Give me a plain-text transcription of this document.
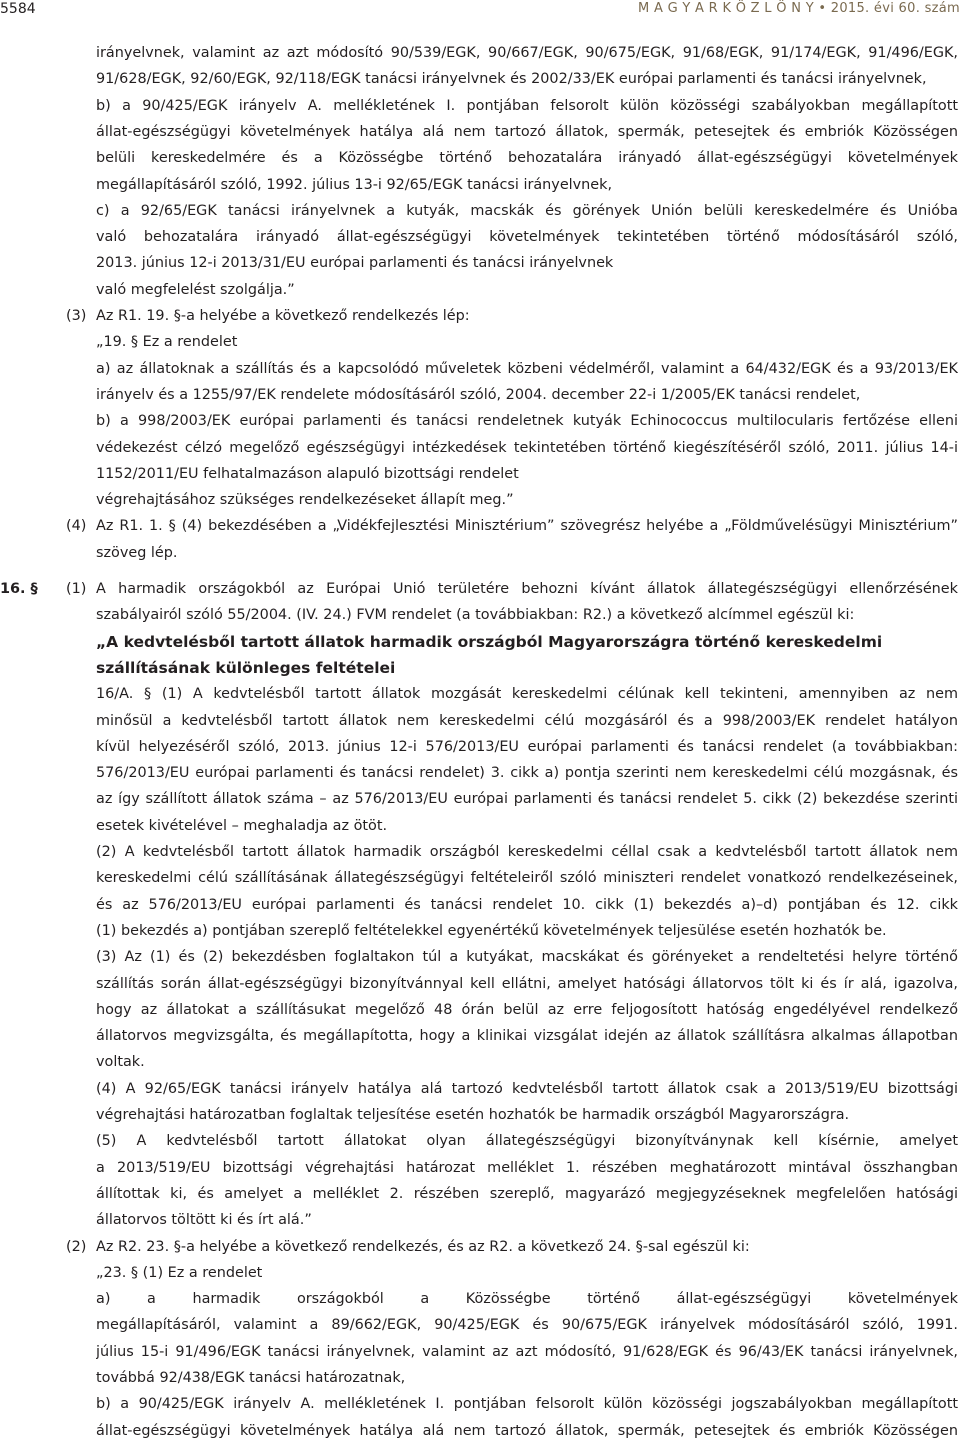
5584	M A G Y A R K Ö Z L Ö N Y • 2015. évi 60. szám
irányelvnek, valamint az azt módosító 90/539/EGK, 90/667/EGK, 90/675/EGK, 91/68/EGK, 91/174/EGK, 91/496/EGK,
91/628/EGK, 92/60/EGK, 92/118/EGK tanácsi irányelvnek és 2002/33/EK európai parlamenti és tanácsi irányelvnek,
b) a 90/425/EGK irányelv A. mellékletének I. pontjában felsorolt külön közösségi szabályokban megállapított
állat-egészségügyi követelmények hatálya alá nem tartozó állatok, spermák, petesejtek és embriók Közösségen
belüli kereskedelmére és a Közösségbe történő behozatalára irányadó állat-egészségügyi követelmények
megállapításáról szóló, 1992. július 13-i 92/65/EGK tanácsi irányelvnek,
c) a 92/65/EGK tanácsi irányelvnek a kutyák, macskák és görények Unión belüli kereskedelmére és Unióba
való behozatalára irányadó állat-egészségügyi követelmények tekintetében történő módosításáról szóló,
2013. június 12-i 2013/31/EU európai parlamenti és tanácsi irányelvnek
való megfelelést szolgálja.”
(3) Az R1. 19. §-a helyébe a következő rendelkezés lép:
„19. § Ez a rendelet
a) az állatoknak a szállítás és a kapcsolódó műveletek közbeni védelméről, valamint a 64/432/EGK és a 93/2013/EK
irányelv és a 1255/97/EK rendelete módosításáról szóló, 2004. december 22-i 1/2005/EK tanácsi rendelet,
b) a 998/2003/EK európai parlamenti és tanácsi rendeletnek kutyák Echinococcus multilocularis fertőzése elleni
védekezést célzó megelőző egészségügyi intézkedések tekintetében történő kiegészítéséről szóló, 2011. július 14-i
1152/2011/EU felhatalmazáson alapuló bizottsági rendelet
végrehajtásához szükséges rendelkezéseket állapít meg.”
(4) Az R1. 1. § (4) bekezdésében a „Vidékfejlesztési Minisztérium” szövegrész helyébe a „Földművelésügyi Minisztérium”
szöveg lép.
16. § (1) A harmadik országokból az Európai Unió területére behozni kívánt állatok állategészségügyi ellenőrzésének
szabályairól szóló 55/2004. (IV. 24.) FVM rendelet (a továbbiakban: R2.) a következő alcímmel egészül ki:
„A kedvtelésből tartott állatok harmadik országból Magyarországra történő kereskedelmi
szállításának különleges feltételei
16/A. § (1) A kedvtelésből tartott állatok mozgását kereskedelmi célúnak kell tekinteni, amennyiben az nem
minősül a kedvtelésből tartott állatok nem kereskedelmi célú mozgásáról és a 998/2003/EK rendelet hatályon
kívül helyezéséről szóló, 2013. június 12-i 576/2013/EU európai parlamenti és tanácsi rendelet (a továbbiakban:
576/2013/EU európai parlamenti és tanácsi rendelet) 3. cikk a) pontja szerinti nem kereskedelmi célú mozgásnak, és
az így szállított állatok száma – az 576/2013/EU európai parlamenti és tanácsi rendelet 5. cikk (2) bekezdése szerinti
esetek kivételével – meghaladja az ötöt.
(2) A kedvtelésből tartott állatok harmadik országból kereskedelmi céllal csak a kedvtelésből tartott állatok nem
kereskedelmi célú szállításának állategészségügyi feltételeiről szóló miniszteri rendelet vonatkozó rendelkezéseinek,
és az 576/2013/EU európai parlamenti és tanácsi rendelet 10. cikk (1) bekezdés a)–d) pontjában és 12. cikk
(1) bekezdés a) pontjában szereplő feltételekkel egyenértékű követelmények teljesülése esetén hozhatók be.
(3) Az (1) és (2) bekezdésben foglaltakon túl a kutyákat, macskákat és görényeket a rendeltetési helyre történő
szállítás során állat-egészségügyi bizonyítvánnyal kell ellátni, amelyet hatósági állatorvos tölt ki és ír alá, igazolva,
hogy az állatokat a szállításukat megelőző 48 órán belül az erre feljogosított hatóság engedélyével rendelkező
állatorvos megvizsgálta, és megállapította, hogy a klinikai vizsgálat idején az állatok szállításra alkalmas állapotban
voltak.
(4) A 92/65/EGK tanácsi irányelv hatálya alá tartozó kedvtelésből tartott állatok csak a 2013/519/EU bizottsági
végrehajtási határozatban foglaltak teljesítése esetén hozhatók be harmadik országból Magyarországra.
(5) A kedvtelésből tartott állatokat olyan állategészségügyi bizonyítványnak kell kísérnie, amelyet
a 2013/519/EU bizottsági végrehajtási határozat melléklet 1. részében meghatározott mintával összhangban
állítottak ki, és amelyet a melléklet 2. részében szereplő, magyarázó megjegyzéseknek megfelelően hatósági
állatorvos töltött ki és írt alá.”
(2) Az R2. 23. §-a helyébe a következő rendelkezés, és az R2. a következő 24. §-sal egészül ki:
„23. § (1) Ez a rendelet
a) a harmadik országokból a Közösségbe történő állat-egészségügyi követelmények
megállapításáról, valamint a 89/662/EGK, 90/425/EGK és 90/675/EGK irányelvek módosításáról szóló, 1991.
július 15-i 91/496/EGK tanácsi irányelvnek, valamint az azt módosító, 91/628/EGK és 96/43/EK tanácsi irányelvnek,
továbbá 92/438/EGK tanácsi határozatnak,
b) a 90/425/EGK irányelv A. mellékletének I. pontjában felsorolt külön közösségi jogszabályokban megállapított
állat-egészségügyi követelmények hatálya alá nem tartozó állatok, spermák, petesejtek és embriók Közösségen
